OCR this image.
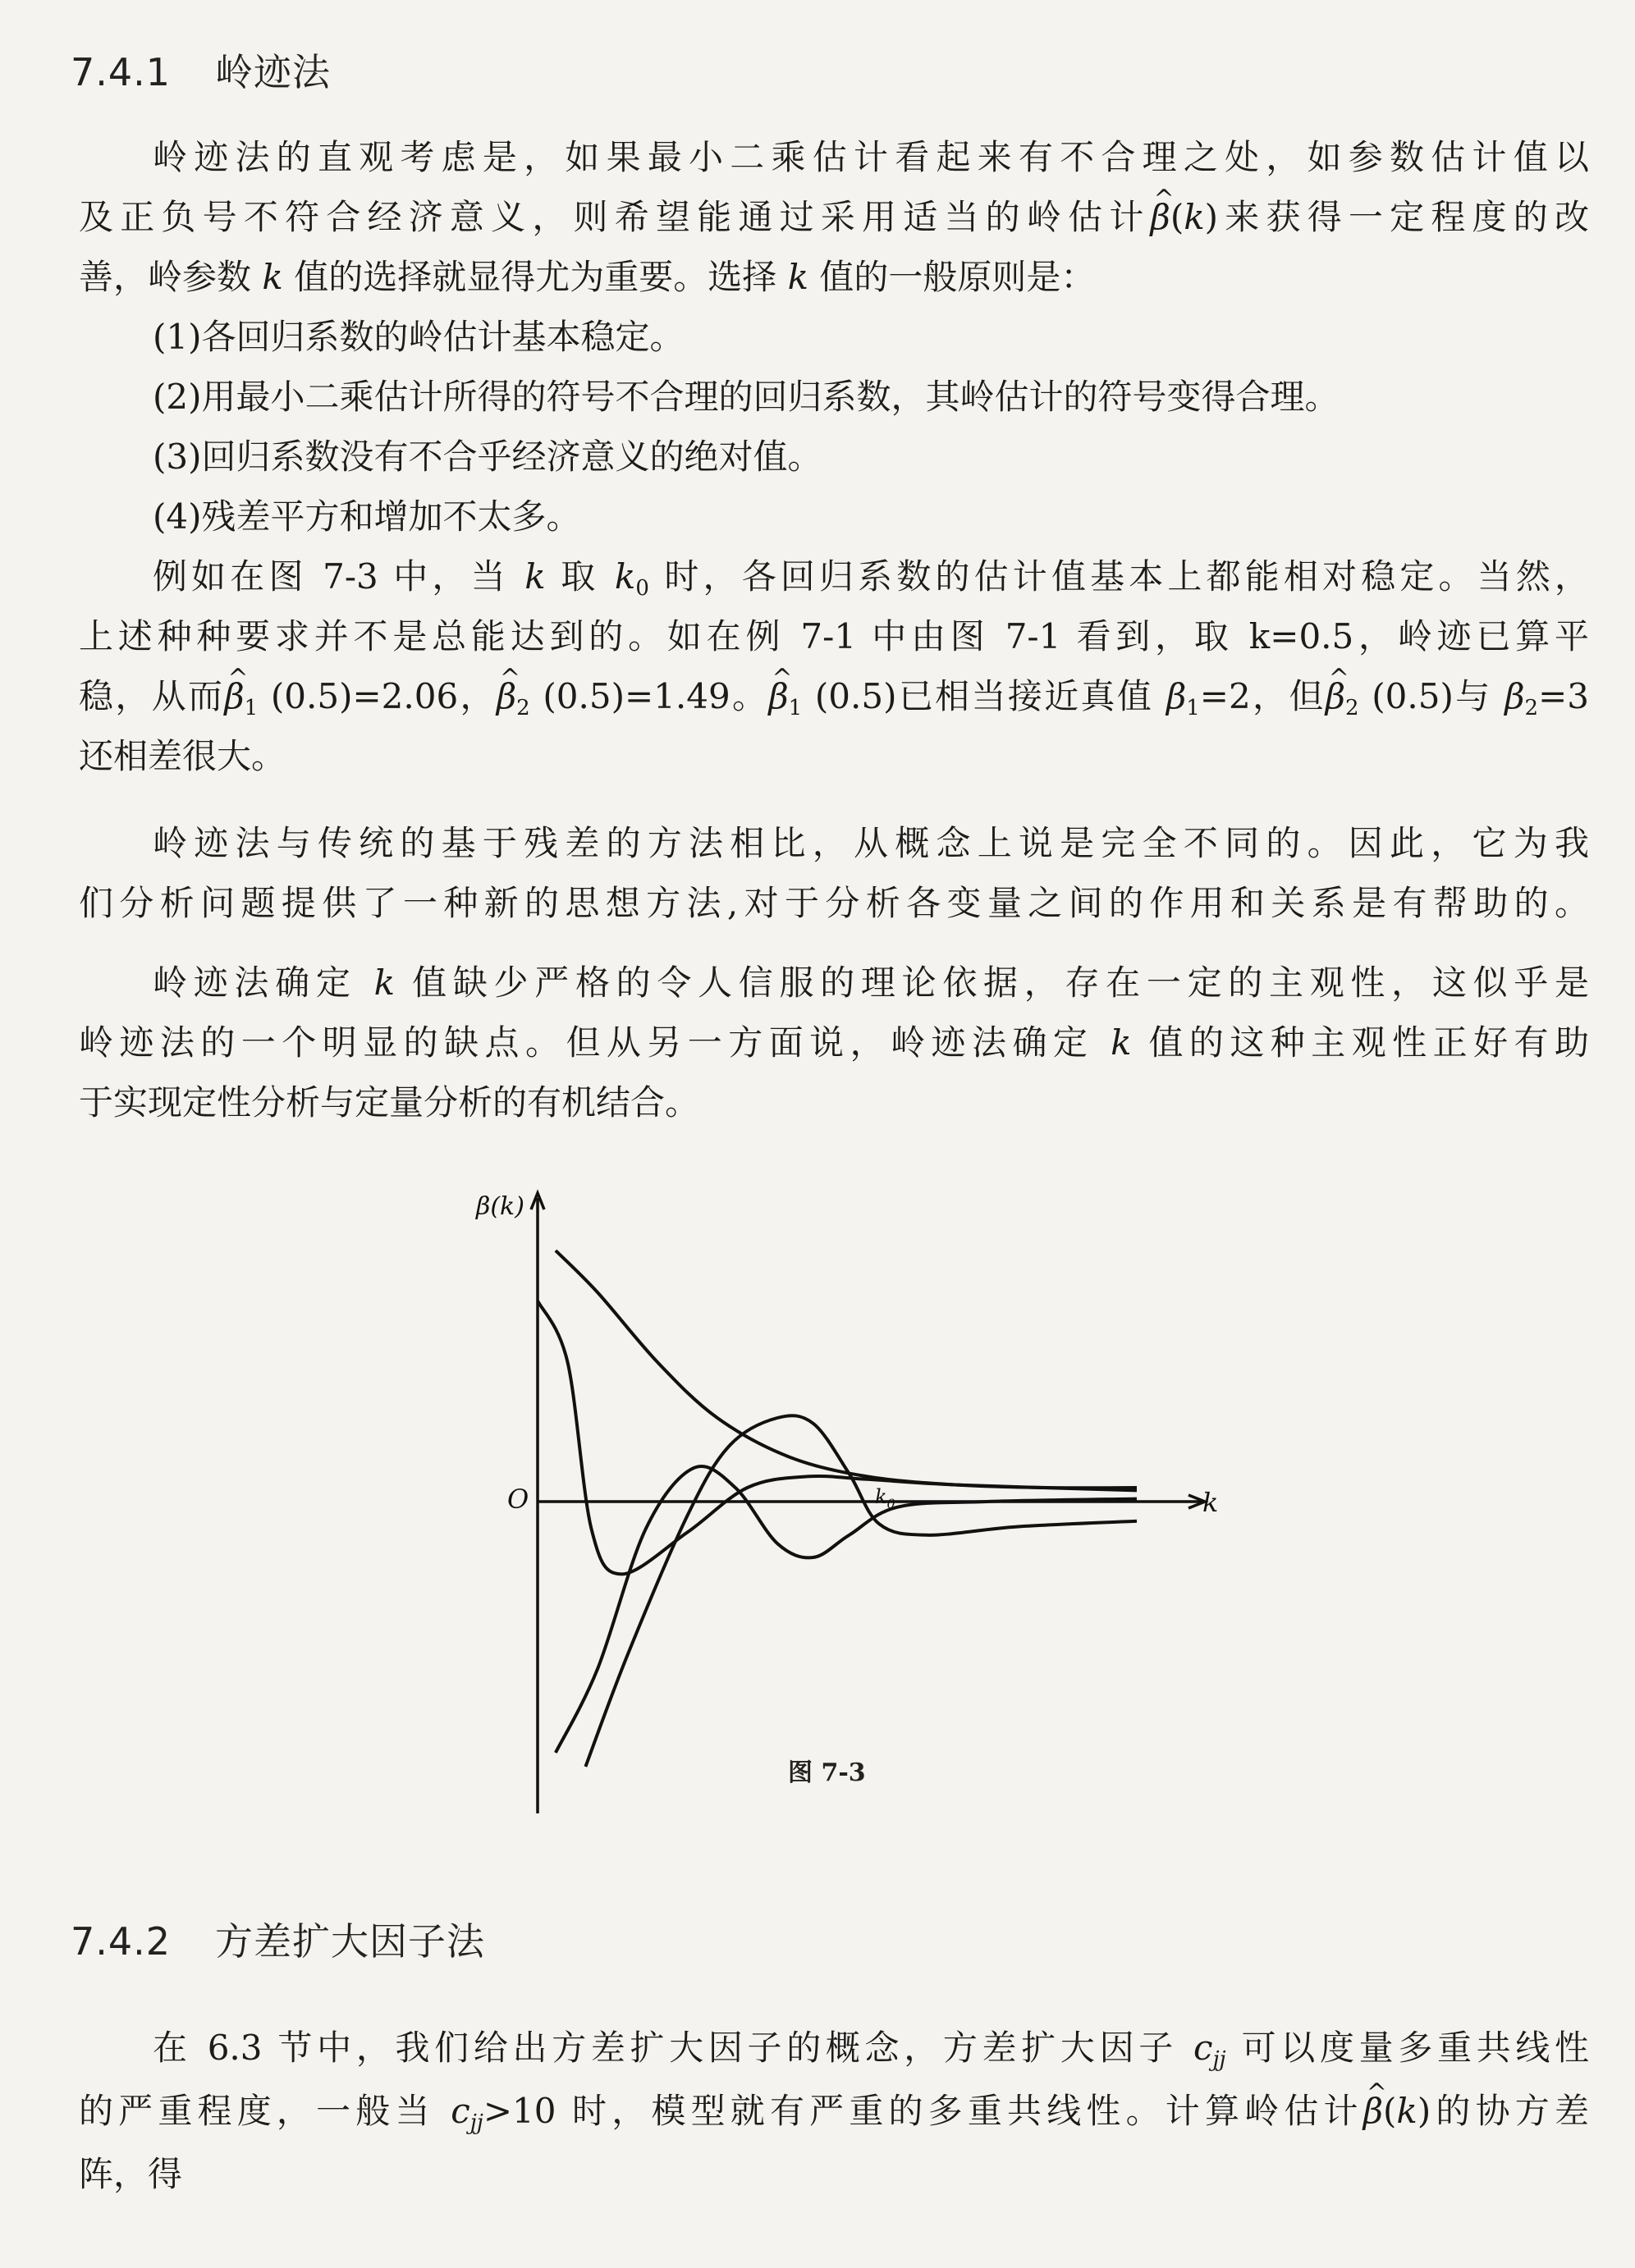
7.4.1 岭迹法
岭迹法的直观考虑是，如果最小二乘估计看起来有不合理之处，如参数估计值以
及正负号不符合经济意义，则希望能通过采用适当的岭估计^ β(k)来获得一定程度的改
善，岭参数 k 值的选择就显得尤为重要。选择 k 值的一般原则是：
(1)各回归系数的岭估计基本稳定。
(2)用最小二乘估计所得的符号不合理的回归系数，其岭估计的符号变得合理。
(3)回归系数没有不合乎经济意义的绝对值。
(4)残差平方和增加不太多。
例如在图 7-3 中，当 k 取 $k_0$ 时，各回归系数的估计值基本上都能相对稳定。当然，
上述种种要求并不是总能达到的。如在例 7-1 中由图 7-1 看到，取 k=0.5，岭迹已算平
稳，从而^ $\beta_1$ (0.5)=2.06，^ $\beta_2$ (0.5)=1.49。^ $\beta_1$ (0.5)已相当接近真值 $\beta_1=2$，但^ $\beta_2$ (0.5)与 $\beta_2=3$
还相差很大。
岭迹法与传统的基于残差的方法相比，从概念上说是完全不同的。因此，它为我
们分析问题提供了一种新的思想方法,对于分析各变量之间的作用和关系是有帮助的。
岭迹法确定 k 值缺少严格的令人信服的理论依据，存在一定的主观性，这似乎是
岭迹法的一个明显的缺点。但从另一方面说，岭迹法确定 k 值的这种主观性正好有助
于实现定性分析与定量分析的有机结合。
β(k)
O	k
$k_0$
图 7-3
7.4.2 方差扩大因子法
在 6.3 节中，我们给出方差扩大因子的概念，方差扩大因子 $c_{jj}$ 可以度量多重共线性
的严重程度，一般当 $c_{jj}>10$ 时，模型就有严重的多重共线性。计算岭估计^ β(k)的协方差
阵，得
